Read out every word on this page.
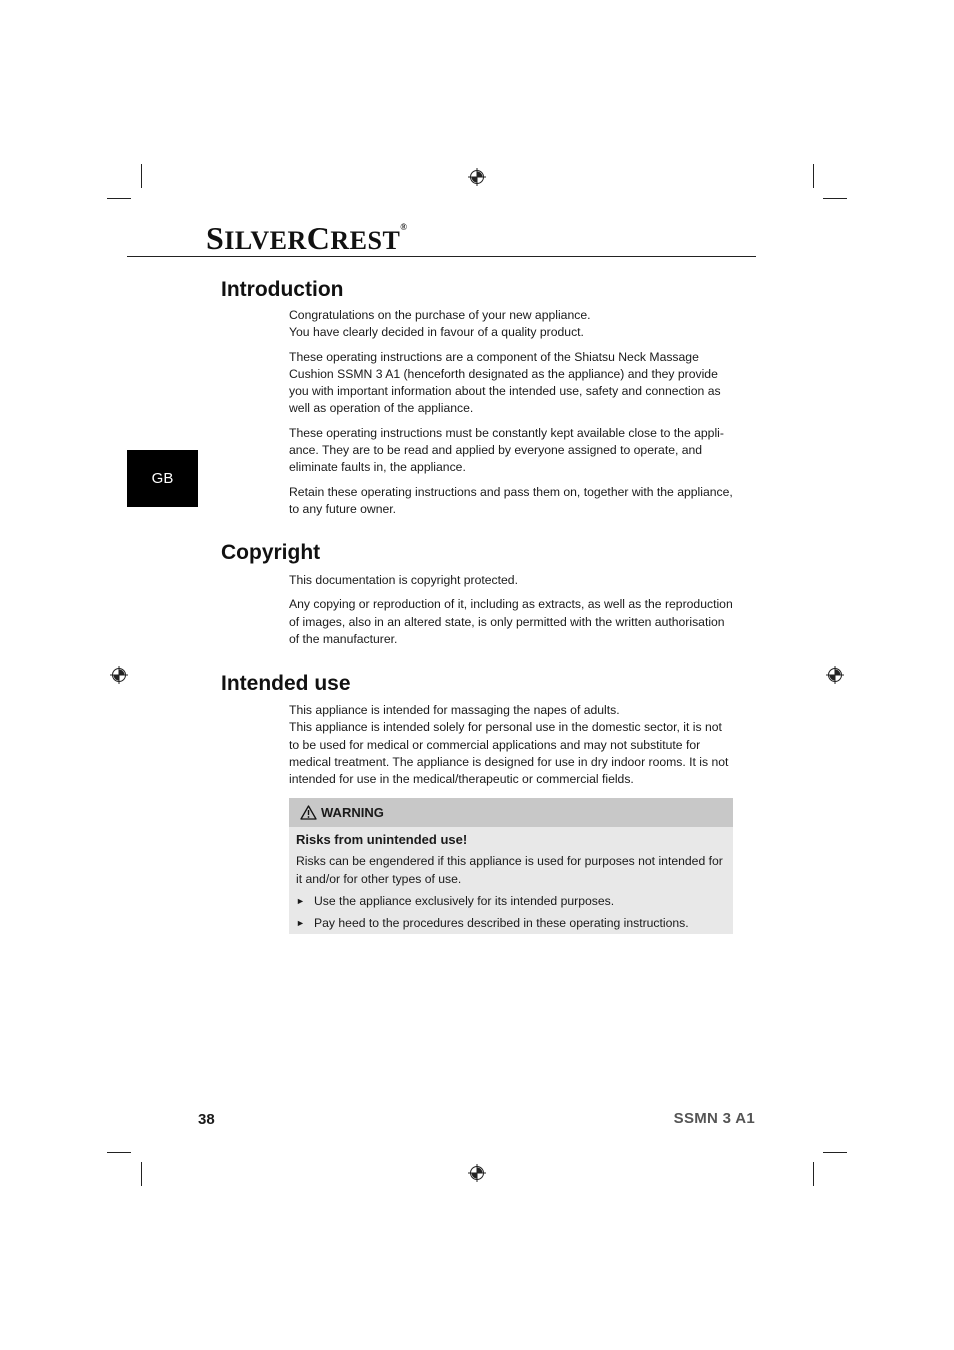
SILVERCREST®
GB
Introduction

Congratulations on the purchase of your new appliance.

You have clearly decided in favour of a quality product.

These operating instructions are a component of the Shiatsu Neck Massage Cushion SSMN 3 A1 (henceforth designated as the appliance) and they provide you with important information about the intended use, safety and connection as well as operation of the appliance.

These operating instructions must be constantly kept available close to the appli-ance. They are to be read and applied by everyone assigned to operate, and eliminate faults in, the appliance.

Retain these operating instructions and pass them on, together with the appliance, to any future owner.

Copyright

This documentation is copyright protected.

Any copying or reproduction of it, including as extracts, as well as the reproduction of images, also in an altered state, is only permitted with the written authorisation of the manufacturer.

Intended use

This appliance is intended for massaging the napes of adults.

This appliance is intended solely for personal use in the domestic sector, it is not to be used for medical or commercial applications and may not substitute for medical treatment. The appliance is designed for use in dry indoor rooms. It is not intended for use in the medical/therapeutic or commercial fields.

WARNING
Risks from unintended use!

Risks can be engendered if this appliance is used for purposes not intended for it and/or for other types of use.

► Use the appliance exclusively for its intended purposes.
► Pay heed to the procedures described in these operating instructions.
38	SSMN 3 A1
